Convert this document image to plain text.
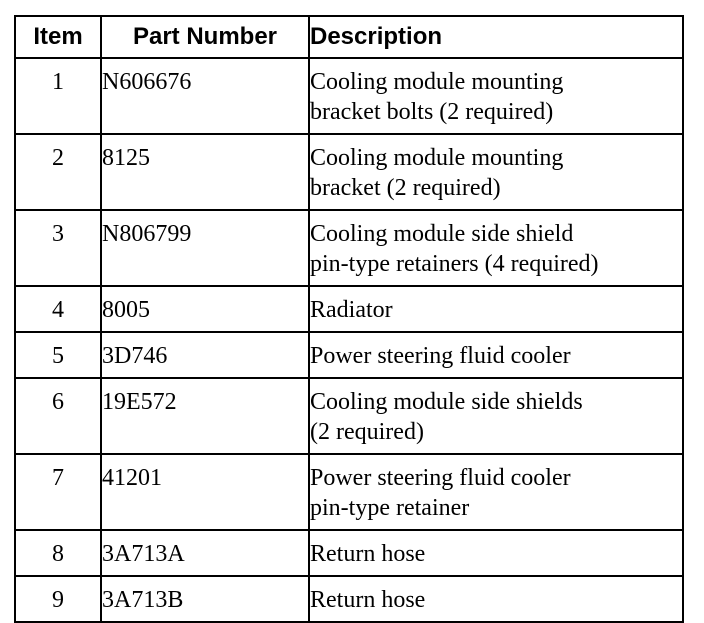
Item	Part Number	Description
1	N606676	Cooling module mounting
bracket bolts (2 required)

2	8125	Cooling module mounting
bracket (2 required)

3	N806799	Cooling module side shield
pin-type retainers (4 required)

4	8005	Radiator

5	3D746	Power steering fluid cooler

6	19E572	Cooling module side shields
(2 required)

7	41201	Power steering fluid cooler
pin-type retainer

8	3A713A	Return hose

9	3A713B	Return hose
